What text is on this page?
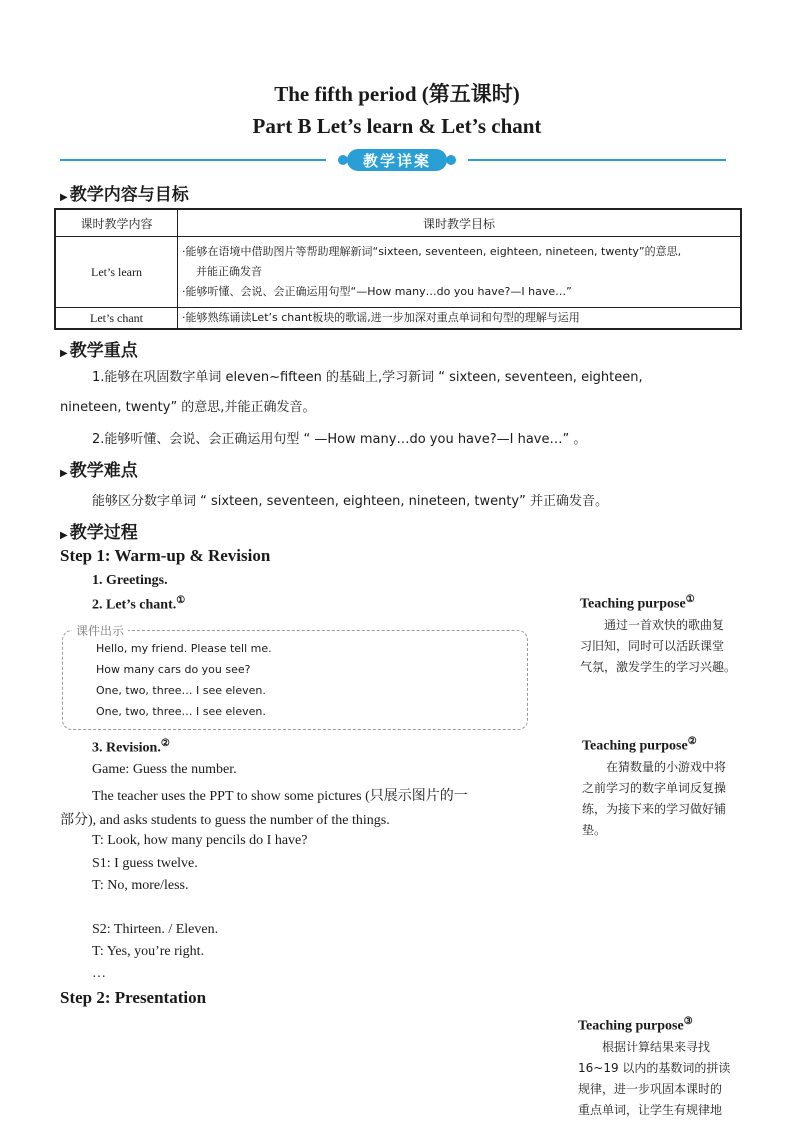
The fifth period (第五课时)
Part B Let’s learn & Let’s chant
教学详案
▶ 教学内容与目标
课时教学内容	课时教学目标
Let’s learn	·能够在语境中借助图片等帮助理解新词“sixteen, seventeen, eighteen, nineteen, twenty”的意思,
并能正确发音
·能够听懂、会说、会正确运用句型“—How many…do you have?—I have…”

Let’s chant	·能够熟练诵读Let’s chant板块的歌谣,进一步加深对重点单词和句型的理解与运用
▶ 教学重点
1.能够在巩固数字单词 eleven~fifteen 的基础上,学习新词 “ sixteen, seventeen, eighteen,
nineteen, twenty” 的意思,并能正确发音。
2.能够听懂、会说、会正确运用句型 “ —How many…do you have?—I have…” 。
▶ 教学难点
能够区分数字单词 “ sixteen, seventeen, eighteen, nineteen, twenty” 并正确发音。
▶ 教学过程
Step 1: Warm-up & Revision
1. Greetings.
2. Let’s chant.①
课件出示
Hello, my friend. Please tell me.
How many cars do you see?
One, two, three… I see eleven.
One, two, three… I see eleven.
3. Revision.②
Game: Guess the number.
The teacher uses the PPT to show some pictures (只展示图片的一
部分), and asks students to guess the number of the things.
T: Look, how many pencils do I have?
S1: I guess twelve.
T: No, more/less.
S2: Thirteen. / Eleven.
T: Yes, you’re right.
…
Step 2: Presentation
Teaching purpose①
通过一首欢快的歌曲复
习旧知，同时可以活跃课堂
气氛，激发学生的学习兴趣。
Teaching purpose②
在猜数量的小游戏中将
之前学习的数字单词反复操
练，为接下来的学习做好铺
垫。
Teaching purpose③
根据计算结果来寻找
16~19 以内的基数词的拼读
规律，进一步巩固本课时的
重点单词，让学生有规律地
